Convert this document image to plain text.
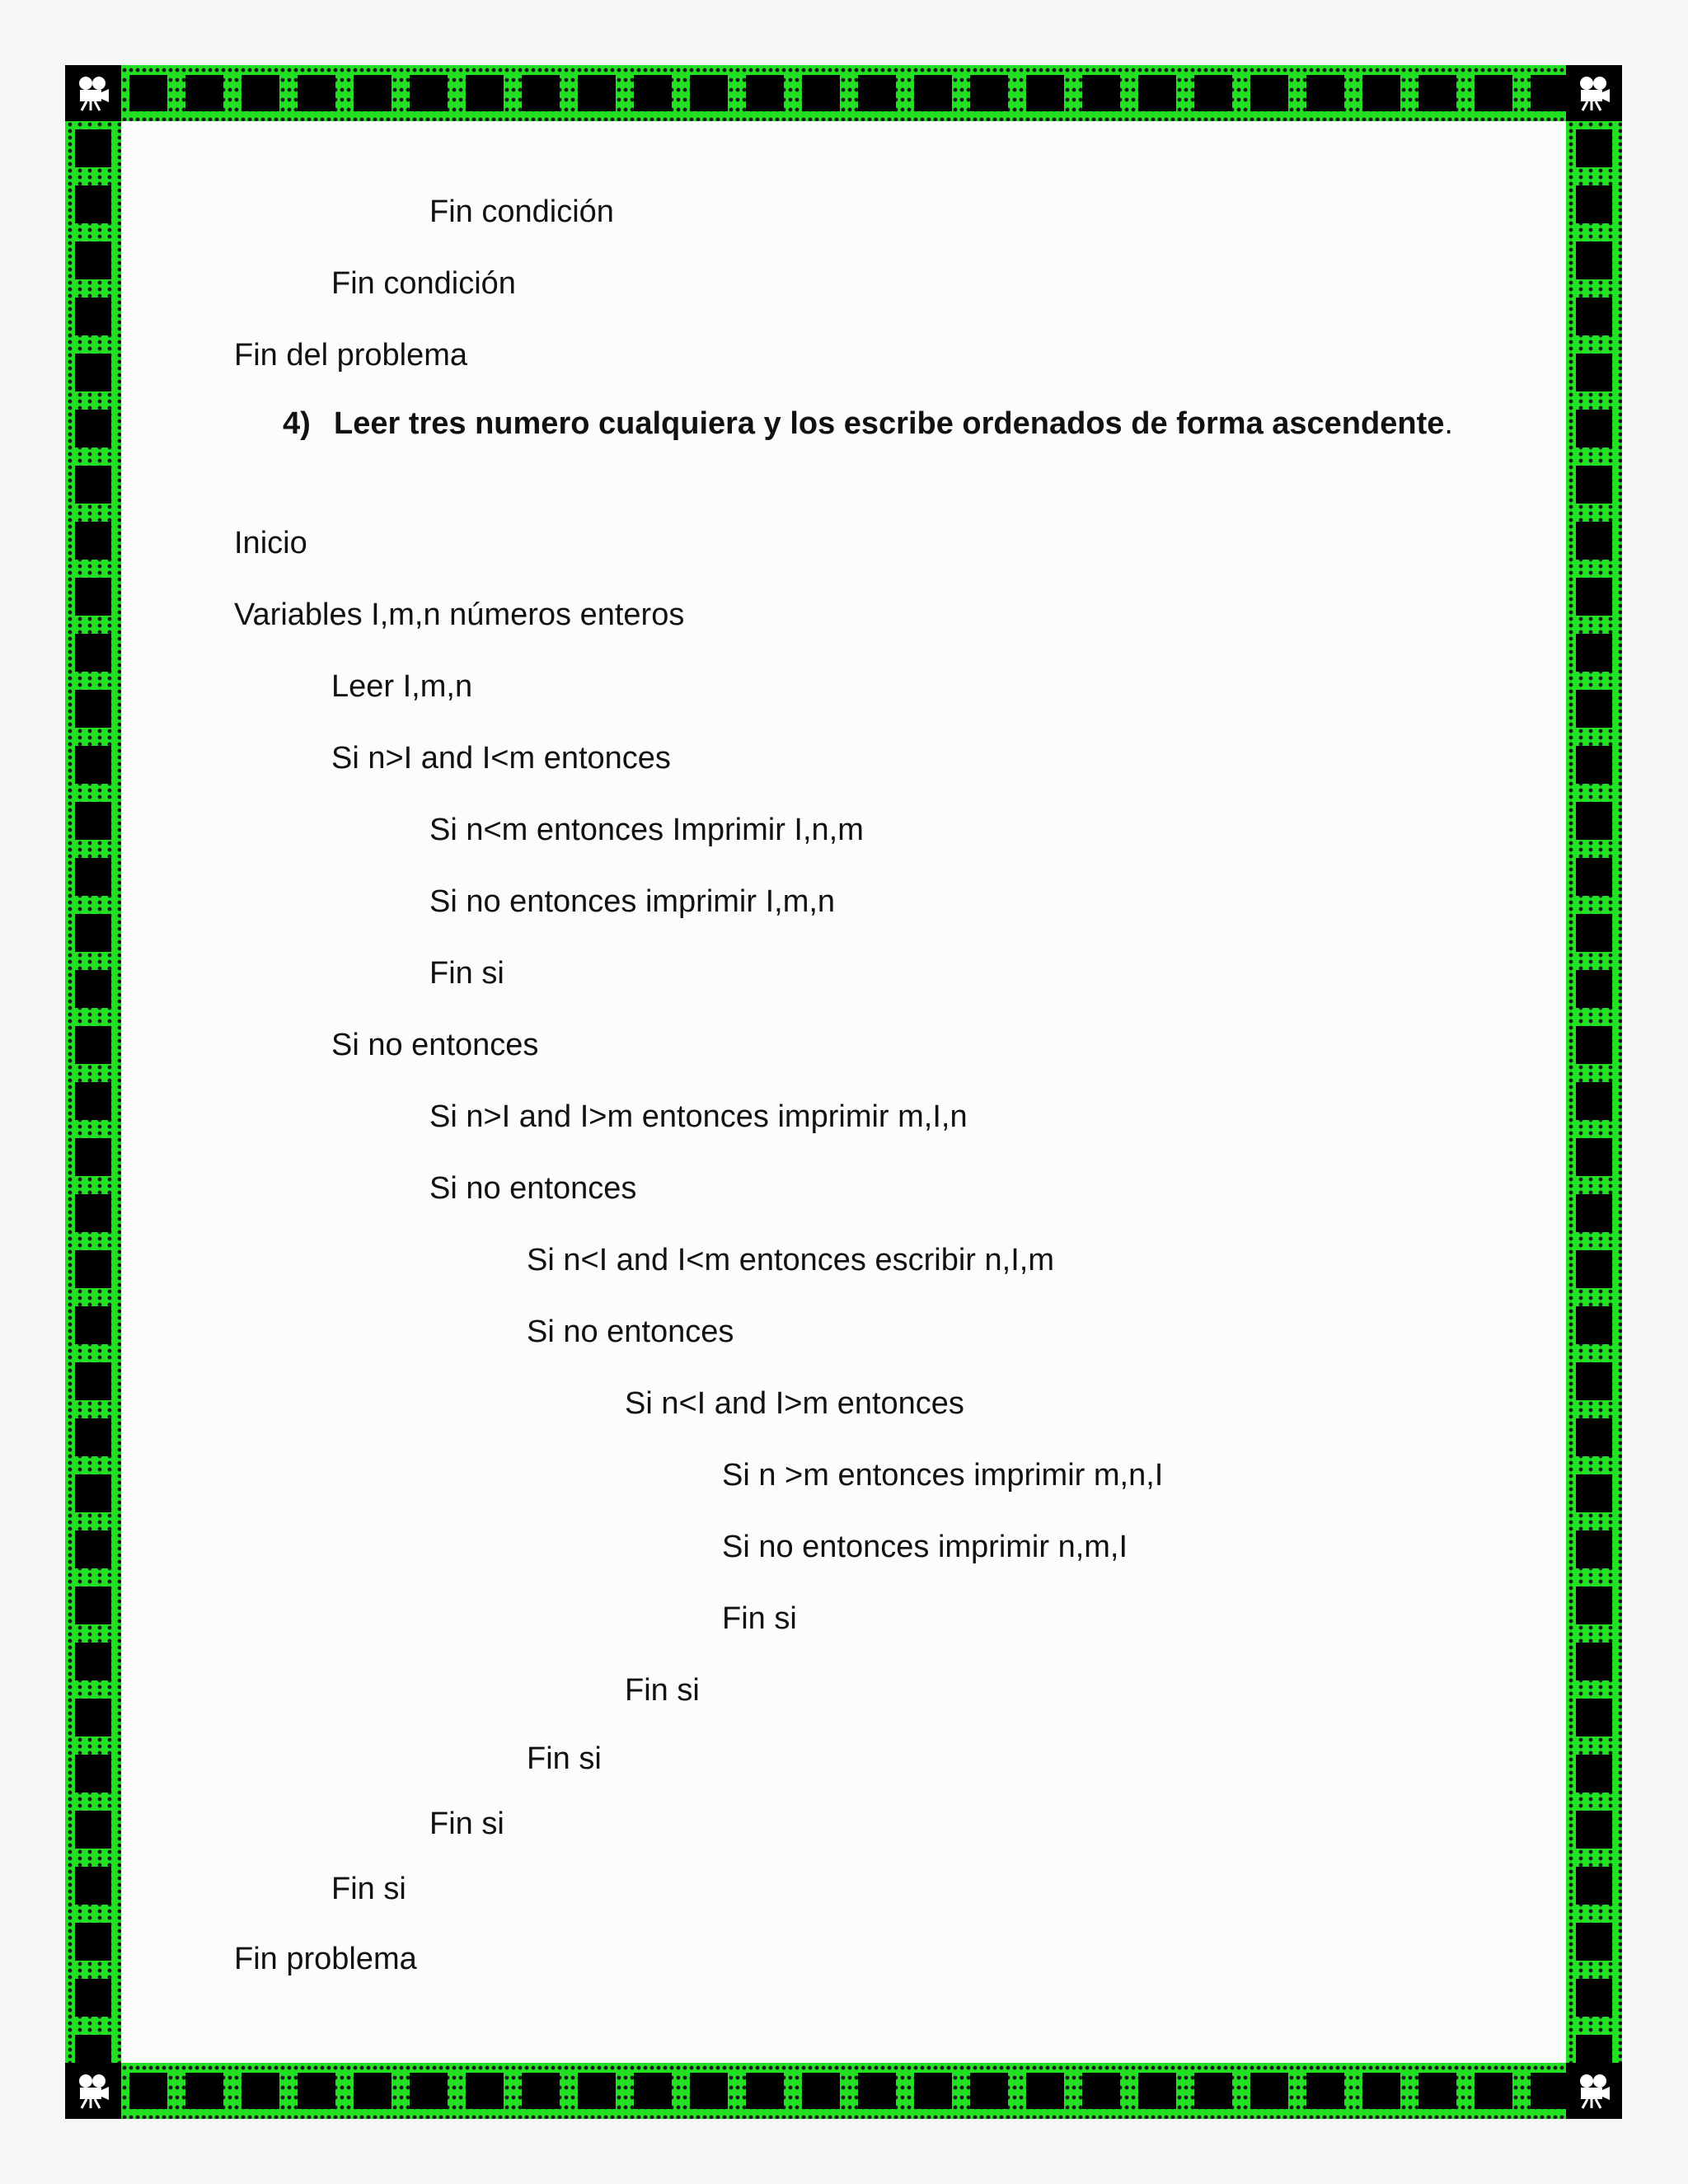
Fin condición
Fin condición
Fin del problema
4) Leer tres numero cualquiera y los escribe ordenados de forma ascendente.
Inicio
Variables I,m,n números enteros
Leer I,m,n
Si n>I and I<m entonces
Si n<m entonces Imprimir I,n,m
Si no entonces imprimir I,m,n
Fin si
Si no entonces
Si n>I and I>m entonces imprimir m,I,n
Si no entonces
Si n<I and I<m entonces escribir n,I,m
Si no entonces
Si n<I and I>m entonces
Si n >m entonces imprimir m,n,I
Si no entonces imprimir n,m,I
Fin si
Fin si
Fin si
Fin si
Fin si
Fin problema
